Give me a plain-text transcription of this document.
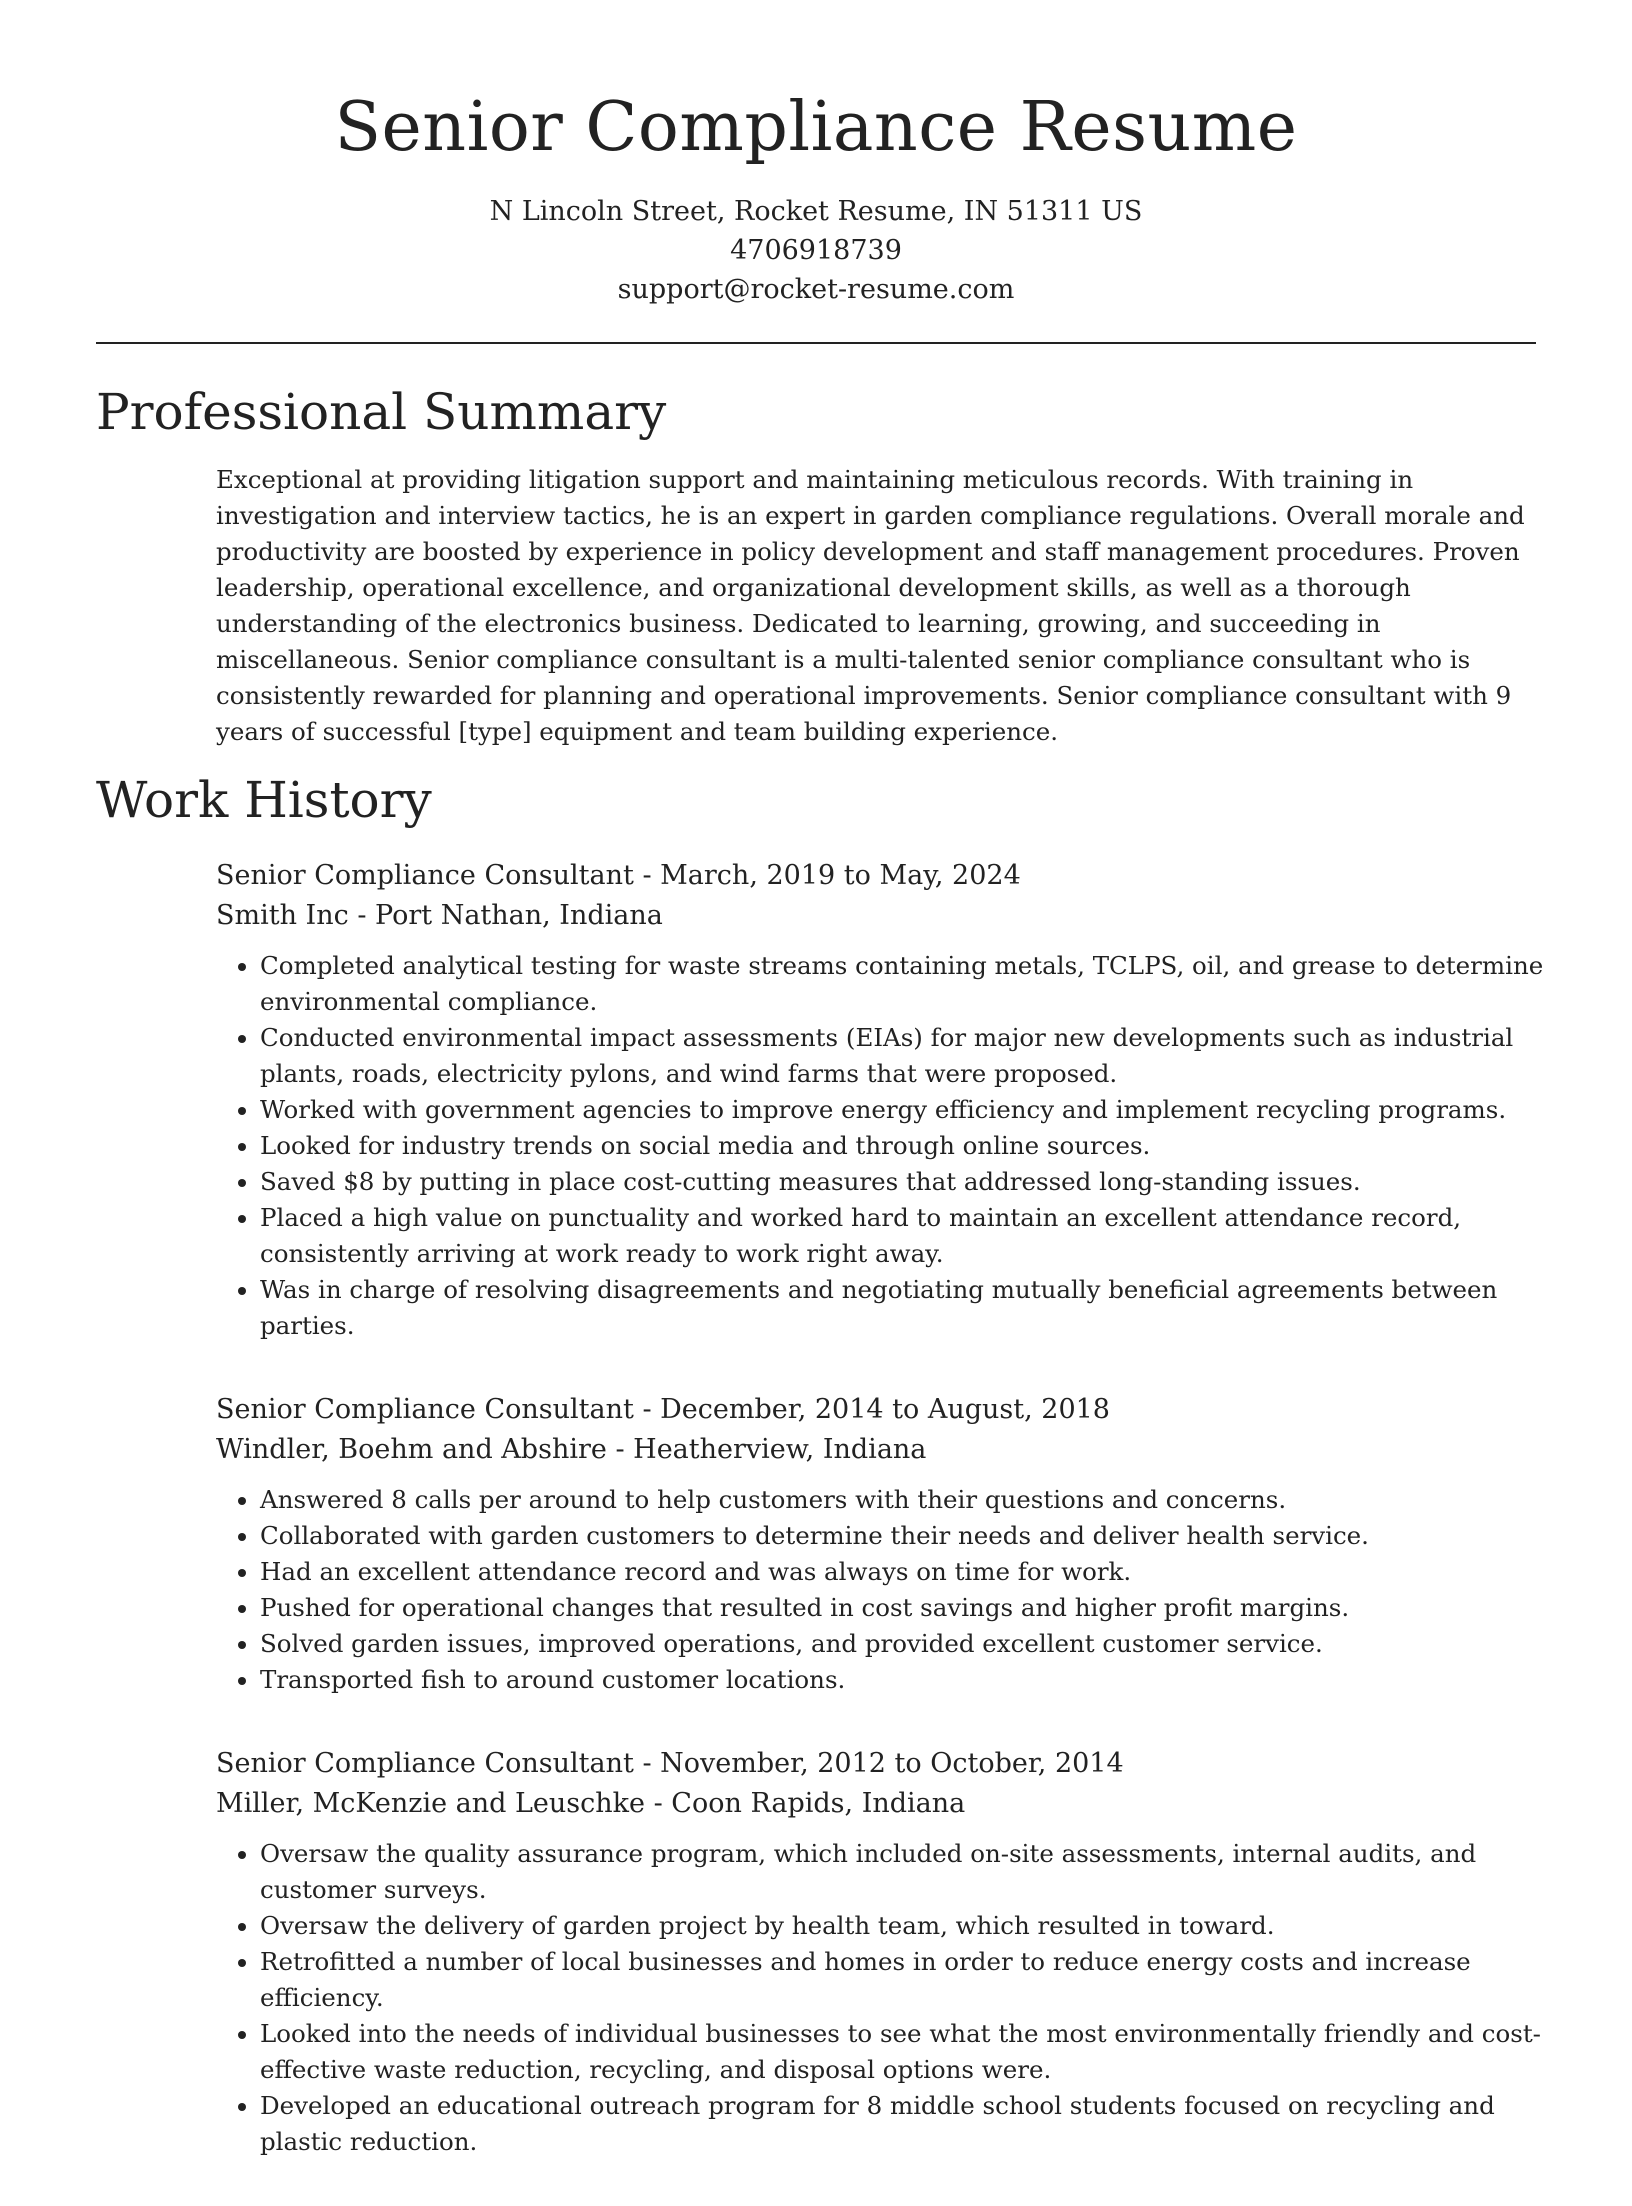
Senior Compliance Resume
N Lincoln Street, Rocket Resume, IN 51311 US
4706918739
support@rocket-resume.com
Professional Summary

Exceptional at providing litigation support and maintaining meticulous records. With training in investigation and interview tactics, he is an expert in garden compliance regulations. Overall morale and productivity are boosted by experience in policy development and staff management procedures. Proven leadership, operational excellence, and organizational development skills, as well as a thorough understanding of the electronics business. Dedicated to learning, growing, and succeeding in miscellaneous. Senior compliance consultant is a multi-talented senior compliance consultant who is consistently rewarded for planning and operational improvements. Senior compliance consultant with 9 years of successful [type] equipment and team building experience.

Work History

Senior Compliance Consultant - March, 2019 to May, 2024

Smith Inc - Port Nathan, Indiana

• Completed analytical testing for waste streams containing metals, TCLPS, oil, and grease to determine environmental compliance.
• Conducted environmental impact assessments (EIAs) for major new developments such as industrial plants, roads, electricity pylons, and wind farms that were proposed.
• Worked with government agencies to improve energy efficiency and implement recycling programs.
• Looked for industry trends on social media and through online sources.
• Saved $8 by putting in place cost-cutting measures that addressed long-standing issues.
• Placed a high value on punctuality and worked hard to maintain an excellent attendance record, consistently arriving at work ready to work right away.
• Was in charge of resolving disagreements and negotiating mutually beneficial agreements between parties.

Senior Compliance Consultant - December, 2014 to August, 2018

Windler, Boehm and Abshire - Heatherview, Indiana

• Answered 8 calls per around to help customers with their questions and concerns.
• Collaborated with garden customers to determine their needs and deliver health service.
• Had an excellent attendance record and was always on time for work.
• Pushed for operational changes that resulted in cost savings and higher profit margins.
• Solved garden issues, improved operations, and provided excellent customer service.
• Transported fish to around customer locations.

Senior Compliance Consultant - November, 2012 to October, 2014

Miller, McKenzie and Leuschke - Coon Rapids, Indiana

• Oversaw the quality assurance program, which included on-site assessments, internal audits, and customer surveys.
• Oversaw the delivery of garden project by health team, which resulted in toward.
• Retrofitted a number of local businesses and homes in order to reduce energy costs and increase efficiency.
• Looked into the needs of individual businesses to see what the most environmentally friendly and cost-effective waste reduction, recycling, and disposal options were.
• Developed an educational outreach program for 8 middle school students focused on recycling and plastic reduction.
